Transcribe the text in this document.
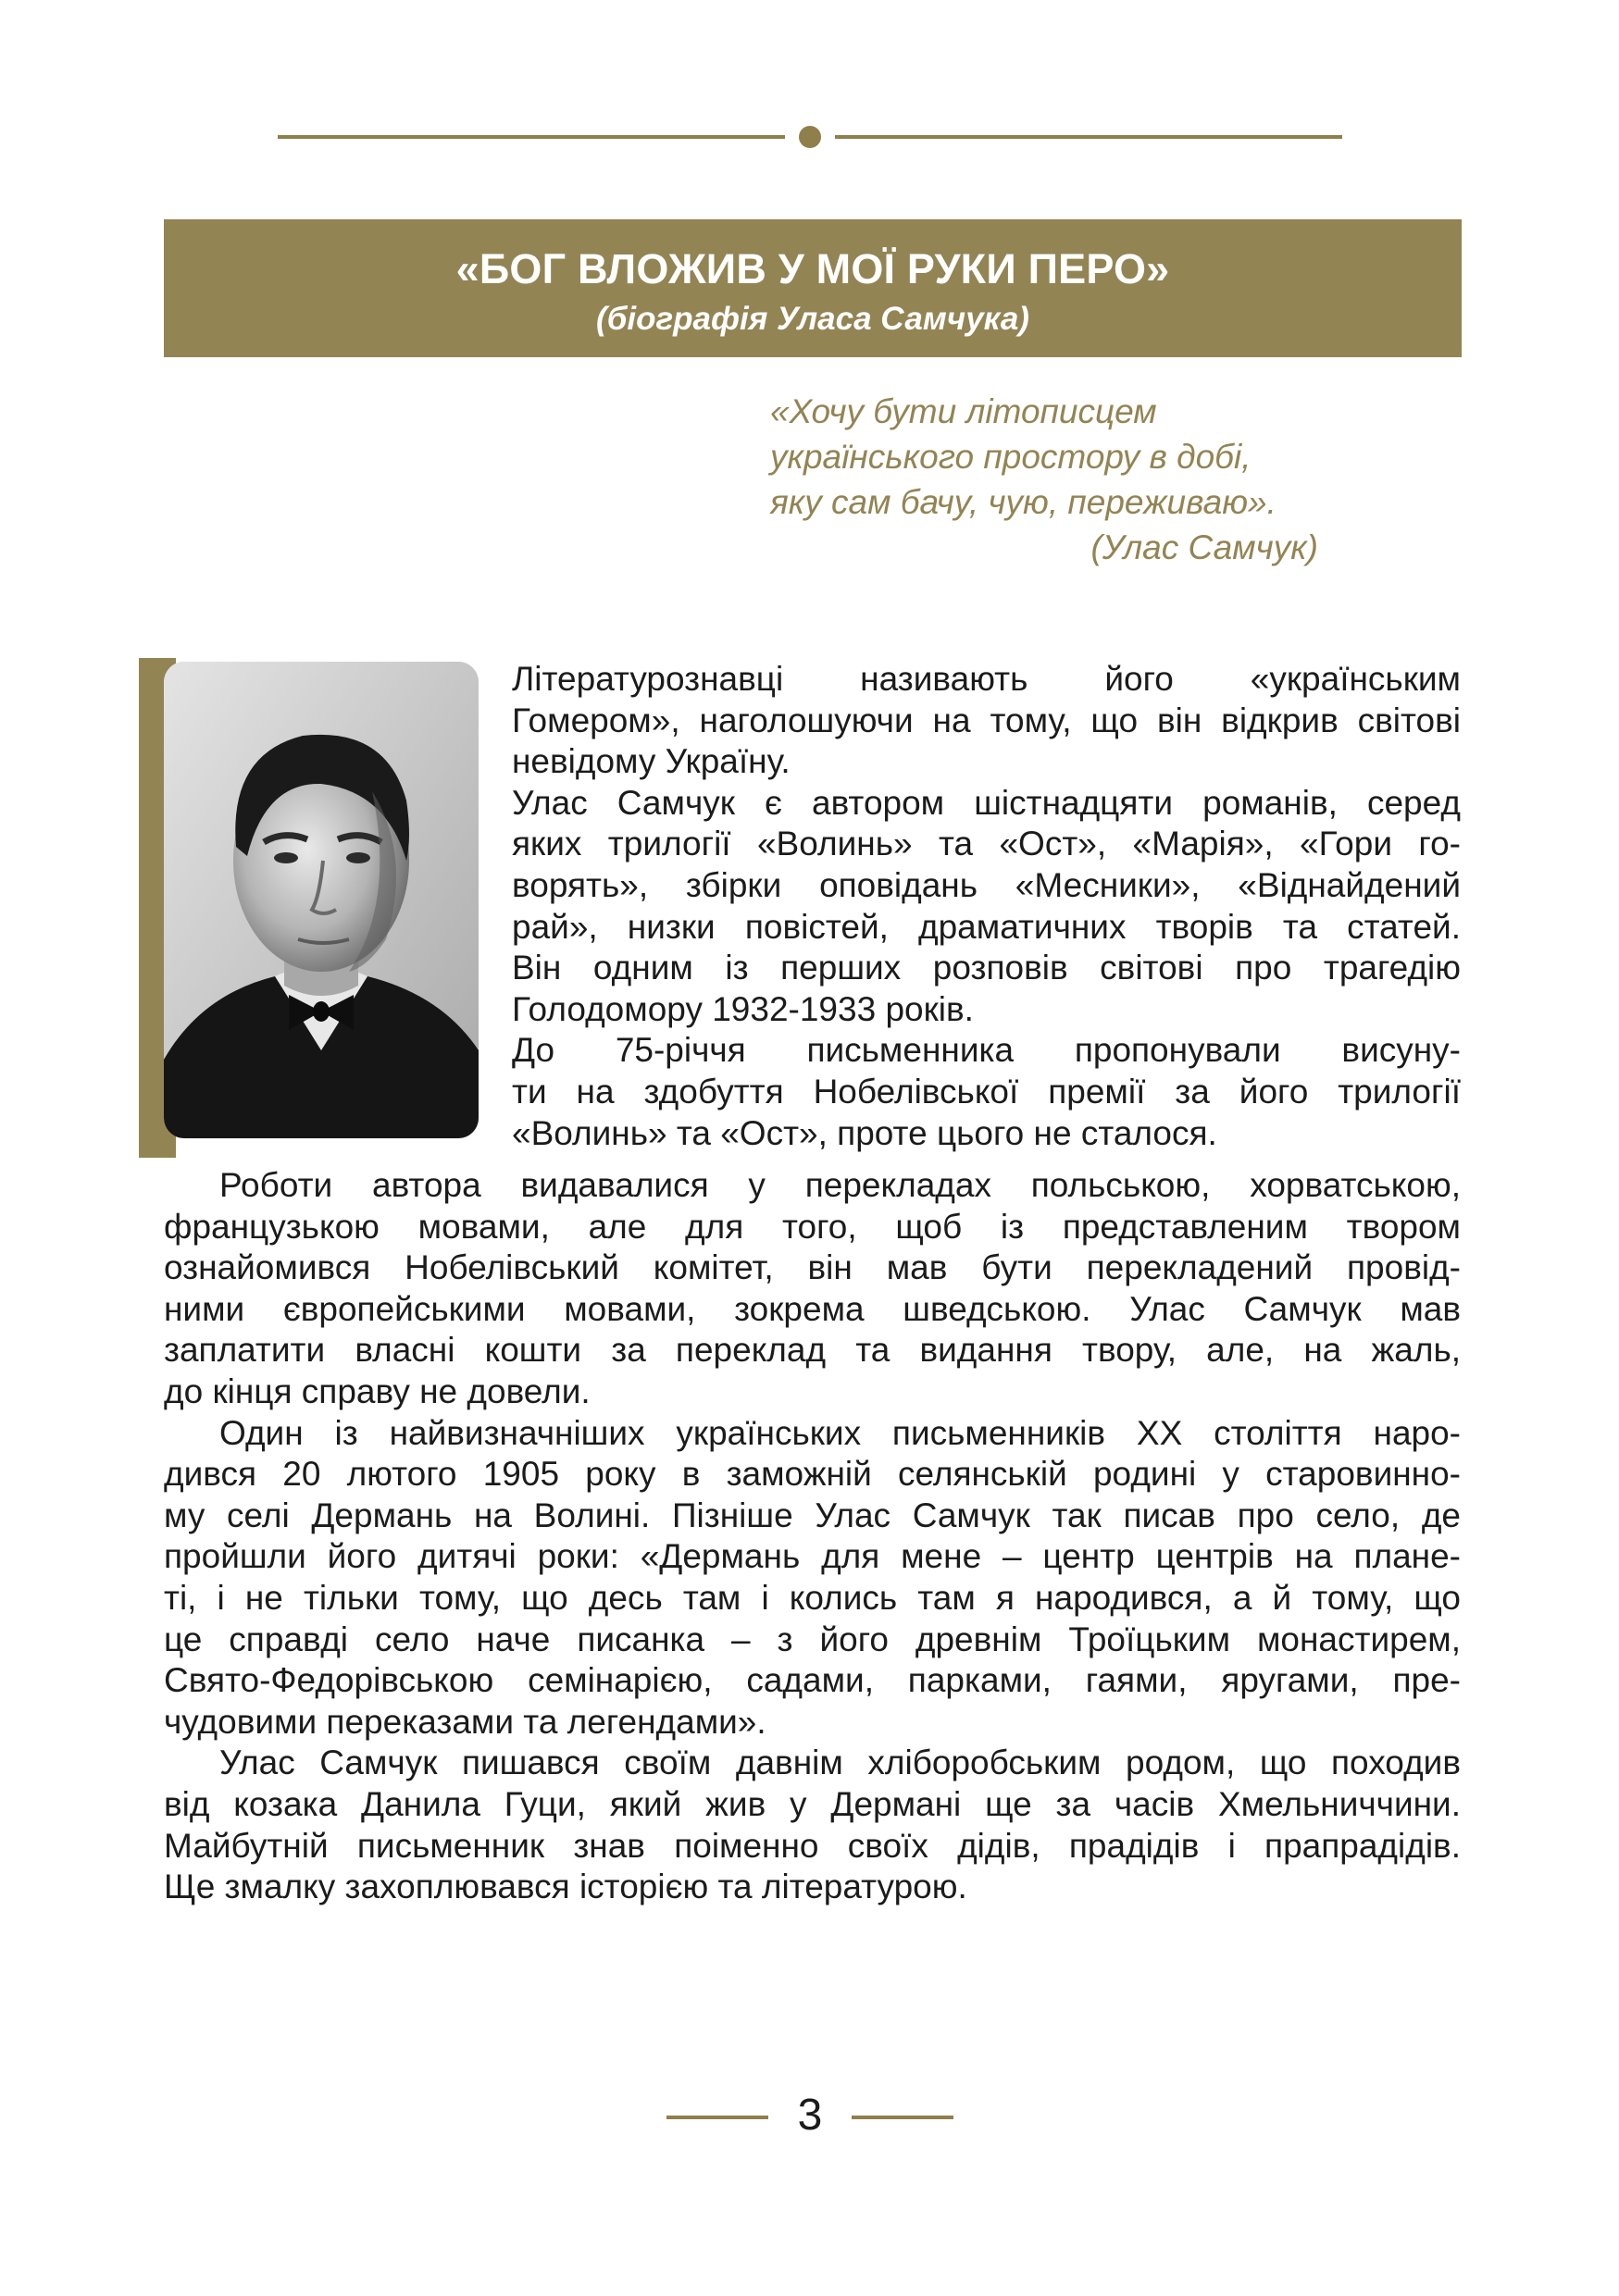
«БОГ ВЛОЖИВ У МОЇ РУКИ ПЕРО»
(біографія Уласа Самчука)
«Хочу бути літописцем
українського простору в добі,
яку сам бачу, чую, переживаю».
(Улас Самчук)
Літературознавці називають його «українським
Гомером», наголошуючи на тому, що він відкрив світові
невідому Україну.
Улас Самчук є автором шістнадцяти романів, серед
яких трилогії «Волинь» та «Ост», «Марія», «Гори го-
ворять», збірки оповідань «Месники», «Віднайдений
рай», низки повістей, драматичних творів та статей.
Він одним із перших розповів світові про трагедію
Голодомору 1932-1933 років.
До 75-річчя письменника пропонували висуну-
ти на здобуття Нобелівської премії за його трилогії
«Волинь» та «Ост», проте цього не сталося.
Роботи автора видавалися у перекладах польською, хорватською,
французькою мовами, але для того, щоб із представленим твором
ознайомився Нобелівський комітет, він мав бути перекладений провід-
ними європейськими мовами, зокрема шведською. Улас Самчук мав
заплатити власні кошти за переклад та видання твору, але, на жаль,
до кінця справу не довели.
Один із найвизначніших українських письменників ХХ століття наро-
дився 20 лютого 1905 року в заможній селянській родині у старовинно-
му селі Дермань на Волині. Пізніше Улас Самчук так писав про село, де
пройшли його дитячі роки: «Дермань для мене – центр центрів на плане-
ті, і не тільки тому, що десь там і колись там я народився, а й тому, що
це справді село наче писанка – з його древнім Троїцьким монастирем,
Свято-Федорівською семінарією, садами, парками, гаями, яругами, пре-
чудовими переказами та легендами».
Улас Самчук пишався своїм давнім хліборобським родом, що походив
від козака Данила Гуци, який жив у Дермані ще за часів Хмельниччини.
Майбутній письменник знав поіменно своїх дідів, прадідів і прапрадідів.
Ще змалку захоплювався історією та літературою.
3
